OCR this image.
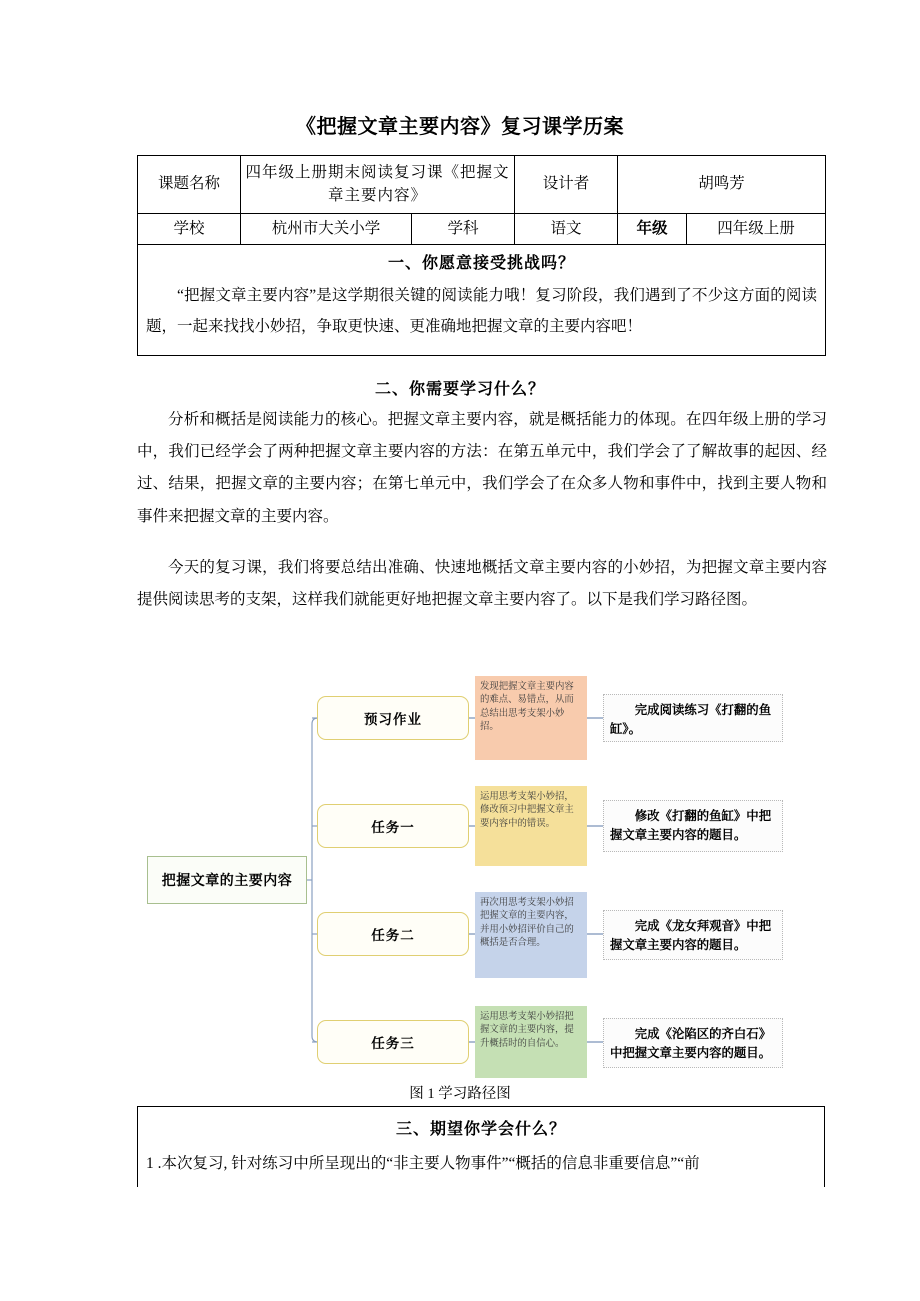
《把握文章主要内容》复习课学历案
课题名称	四年级上册期末阅读复习课《把握文章主要内容》		设计者	胡鸣芳	
学校	杭州市大关小学	学科	语文	年级	四年级上册

一、你愿意接受挑战吗？
“把握文章主要内容”是这学期很关键的阅读能力哦！复习阶段，我们遇到了不少这方面的阅读题，一起来找找小妙招，争取更快速、更准确地把握文章的主要内容吧！					
二、你需要学习什么？
分析和概括是阅读能力的核心。把握文章主要内容，就是概括能力的体现。在四年级上册的学习中，我们已经学会了两种把握文章主要内容的方法：在第五单元中，我们学会了了解故事的起因、经过、结果，把握文章的主要内容；在第七单元中，我们学会了在众多人物和事件中，找到主要人物和事件来把握文章的主要内容。
今天的复习课，我们将要总结出准确、快速地概括文章主要内容的小妙招，为把握文章主要内容提供阅读思考的支架，这样我们就能更好地把握文章主要内容了。以下是我们学习路径图。
把握文章的主要内容
预习作业
发现把握文章主要内容的难点、易错点，从而总结出思考支架小妙招。
完成阅读练习《打翻的鱼缸》。
任务一
运用思考支架小妙招，修改预习中把握文章主要内容中的错误。
修改《打翻的鱼缸》中把握文章主要内容的题目。
任务二
再次用思考支架小妙招把握文章的主要内容，并用小妙招评价自己的概括是否合理。
完成《龙女拜观音》中把握文章主要内容的题目。
任务三
运用思考支架小妙招把握文章的主要内容，提升概括时的自信心。
完成《沦陷区的齐白石》中把握文章主要内容的题目。
图 1 学习路径图
三、期望你学会什么？
1 .本次复习, 针对练习中所呈现出的“非主要人物事件”“概括的信息非重要信息”“前
